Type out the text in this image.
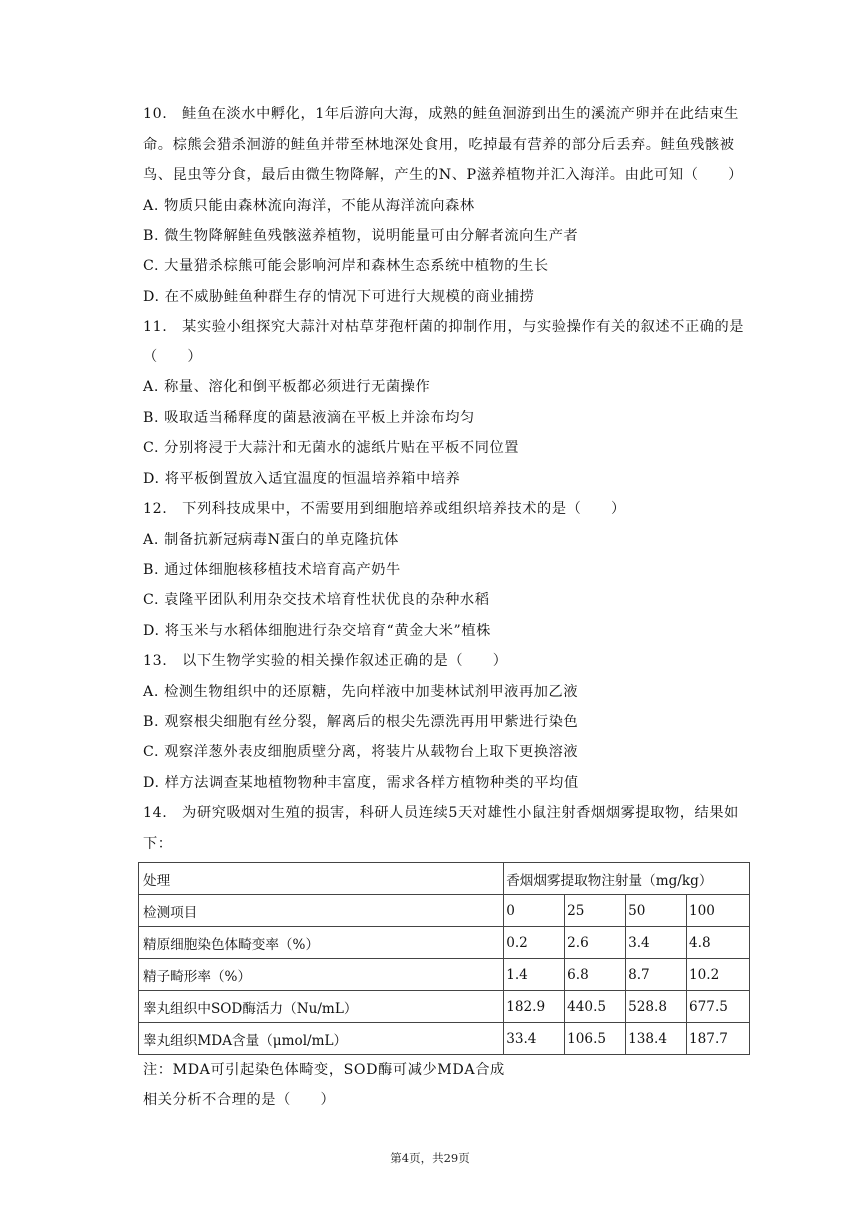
10.　鲑鱼在淡水中孵化，1年后游向大海，成熟的鲑鱼洄游到出生的溪流产卵并在此结束生
命。棕熊会猎杀洄游的鲑鱼并带至林地深处食用，吃掉最有营养的部分后丢弃。鲑鱼残骸被
鸟、昆虫等分食，最后由微生物降解，产生的N、P滋养植物并汇入海洋。由此可知（　　）
A. 物质只能由森林流向海洋，不能从海洋流向森林
B. 微生物降解鲑鱼残骸滋养植物，说明能量可由分解者流向生产者
C. 大量猎杀棕熊可能会影响河岸和森林生态系统中植物的生长
D. 在不威胁鲑鱼种群生存的情况下可进行大规模的商业捕捞
11.　某实验小组探究大蒜汁对枯草芽孢杆菌的抑制作用，与实验操作有关的叙述不正确的是
（　　）
A. 称量、溶化和倒平板都必须进行无菌操作
B. 吸取适当稀释度的菌悬液滴在平板上并涂布均匀
C. 分别将浸于大蒜汁和无菌水的滤纸片贴在平板不同位置
D. 将平板倒置放入适宜温度的恒温培养箱中培养
12.　下列科技成果中，不需要用到细胞培养或组织培养技术的是（　　）
A. 制备抗新冠病毒N蛋白的单克隆抗体
B. 通过体细胞核移植技术培育高产奶牛
C. 袁隆平团队利用杂交技术培育性状优良的杂种水稻
D. 将玉米与水稻体细胞进行杂交培育“黄金大米”植株
13.　以下生物学实验的相关操作叙述正确的是（　　）
A. 检测生物组织中的还原糖，先向样液中加斐林试剂甲液再加乙液
B. 观察根尖细胞有丝分裂，解离后的根尖先漂洗再用甲紫进行染色
C. 观察洋葱外表皮细胞质壁分离，将装片从载物台上取下更换溶液
D. 样方法调查某地植物物种丰富度，需求各样方植物种类的平均值
14.　为研究吸烟对生殖的损害，科研人员连续5天对雄性小鼠注射香烟烟雾提取物，结果如
下：
处理	香烟烟雾提取物注射量（mg/kg）			
检测项目	0	25	50	100
精原细胞染色体畸变率（%）	0.2	2.6	3.4	4.8
精子畸形率（%）	1.4	6.8	8.7	10.2
睾丸组织中SOD酶活力（Nu/mL）	182.9	440.5	528.8	677.5
睾丸组织MDA含量（μmol/mL）	33.4	106.5	138.4	187.7
注：MDA可引起染色体畸变，SOD酶可减少MDA合成
相关分析不合理的是（　　）
第4页，共29页
